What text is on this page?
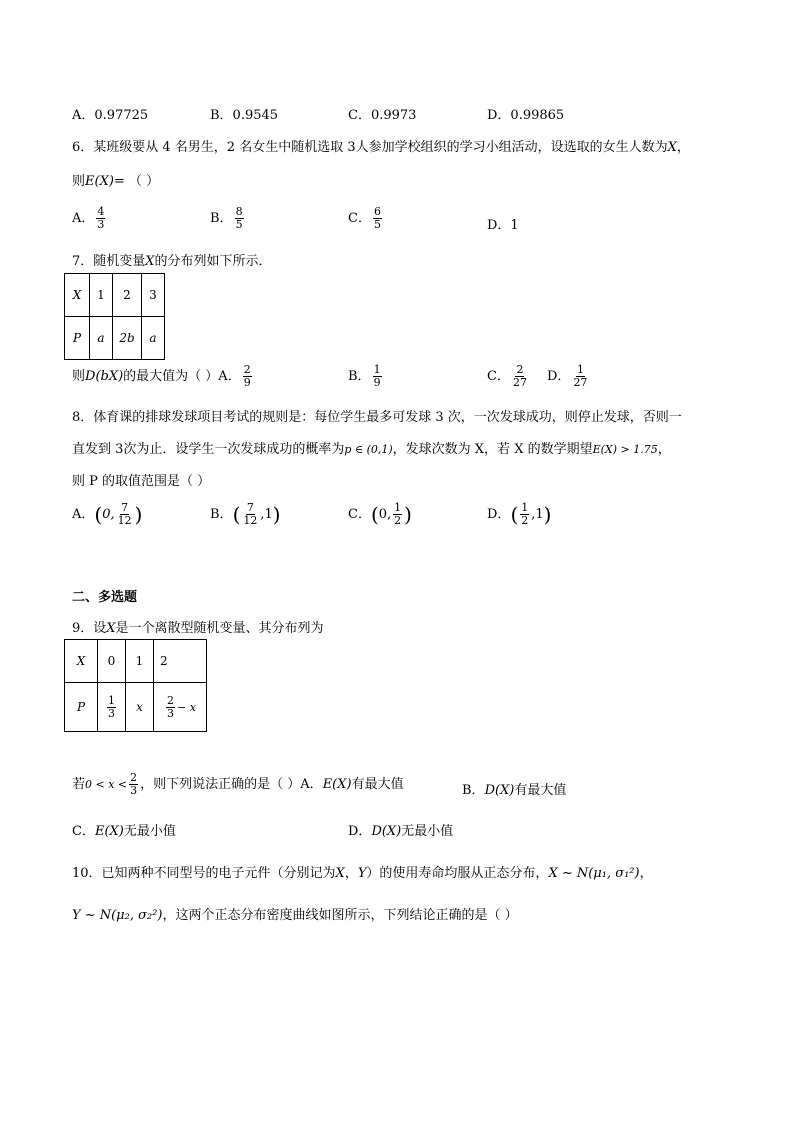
A．0.97725	B．0.9545	C．0.9973	D．0.99865
6．某班级要从 4 名男生，2 名女生中随机选取 3人参加学校组织的学习小组活动，设选取的女生人数为X，
则E(X)= （ ）
A． $\frac{4}{3}$	B． $\frac{8}{5}$	C． $\frac{6}{5}$	D．1
7．随机变量X的分布列如下所示．
X	1	2	3
P	a	2b	a
则D(bX)的最大值为（ ）A． $\frac{2}{9}$	B． $\frac{1}{9}$	C． $\frac{2}{27}$ D． $\frac{1}{27}$
8．体育课的排球发球项目考试的规则是：每位学生最多可发球 3 次，一次发球成功，则停止发球，否则一
直发到 3次为止．设学生一次发球成功的概率为p ∈ (0,1)，发球次数为 X，若 X 的数学期望E(X) > 1.75，
则 P 的取值范围是（ ）
A．(0, $\frac{7}{12}$ )	B．( $\frac{7}{12} ,1$)	C．(0, $\frac{1}{2}$ )	D．( $\frac{1}{2} ,1$)
二、多选题
9．设X是一个离散型随机变量、其分布列为
X	0	1	2
P	$\frac{1}{3}$	x	$\frac{2}{3} - x$
若$0 < x < \frac{2}{3}$ ，则下列说法正确的是（ ）A．E(X)有最大值	B．D(X)有最大值
C．E(X)无最小值	D．D(X)无最小值
10．已知两种不同型号的电子元件（分别记为X，Y）的使用寿命均服从正态分布，X ~ N(μ₁, σ₁²)，
Y ~ N(μ₂, σ₂²)，这两个正态分布密度曲线如图所示，下列结论正确的是（ ）
